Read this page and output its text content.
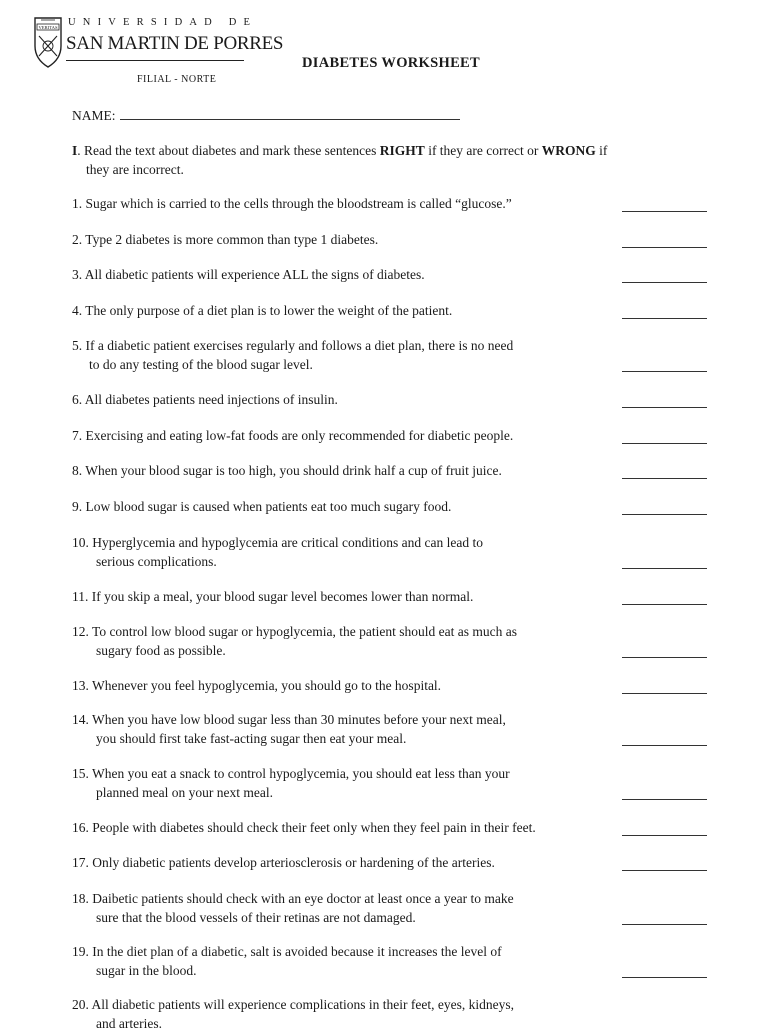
VERITAS UNIVERSIDAD DE
SAN MARTIN DE PORRES
FILIAL - NORTE
DIABETES WORKSHEET
NAME:
I. Read the text about diabetes and mark these sentences RIGHT if they are correct or WRONG if
they are incorrect.
1. Sugar which is carried to the cells through the bloodstream is called “glucose.”
2. Type 2 diabetes is more common than type 1 diabetes.
3. All diabetic patients will experience ALL the signs of diabetes.
4. The only purpose of a diet plan is to lower the weight of the patient.
5. If a diabetic patient exercises regularly and follows a diet plan, there is no need
to do any testing of the blood sugar level.
6. All diabetes patients need injections of insulin.
7. Exercising and eating low-fat foods are only recommended for diabetic people.
8. When your blood sugar is too high, you should drink half a cup of fruit juice.
9. Low blood sugar is caused when patients eat too much sugary food.
10. Hyperglycemia and hypoglycemia are critical conditions and can lead to
serious complications.
11. If you skip a meal, your blood sugar level becomes lower than normal.
12. To control low blood sugar or hypoglycemia, the patient should eat as much as
sugary food as possible.
13. Whenever you feel hypoglycemia, you should go to the hospital.
14. When you have low blood sugar less than 30 minutes before your next meal,
you should first take fast-acting sugar then eat your meal.
15. When you eat a snack to control hypoglycemia, you should eat less than your
planned meal on your next meal.
16. People with diabetes should check their feet only when they feel pain in their feet.
17. Only diabetic patients develop arteriosclerosis or hardening of the arteries.
18. Daibetic patients should check with an eye doctor at least once a year to make
sure that the blood vessels of their retinas are not damaged.
19. In the diet plan of a diabetic, salt is avoided because it increases the level of
sugar in the blood.
20. All diabetic patients will experience complications in their feet, eyes, kidneys,
and arteries.
